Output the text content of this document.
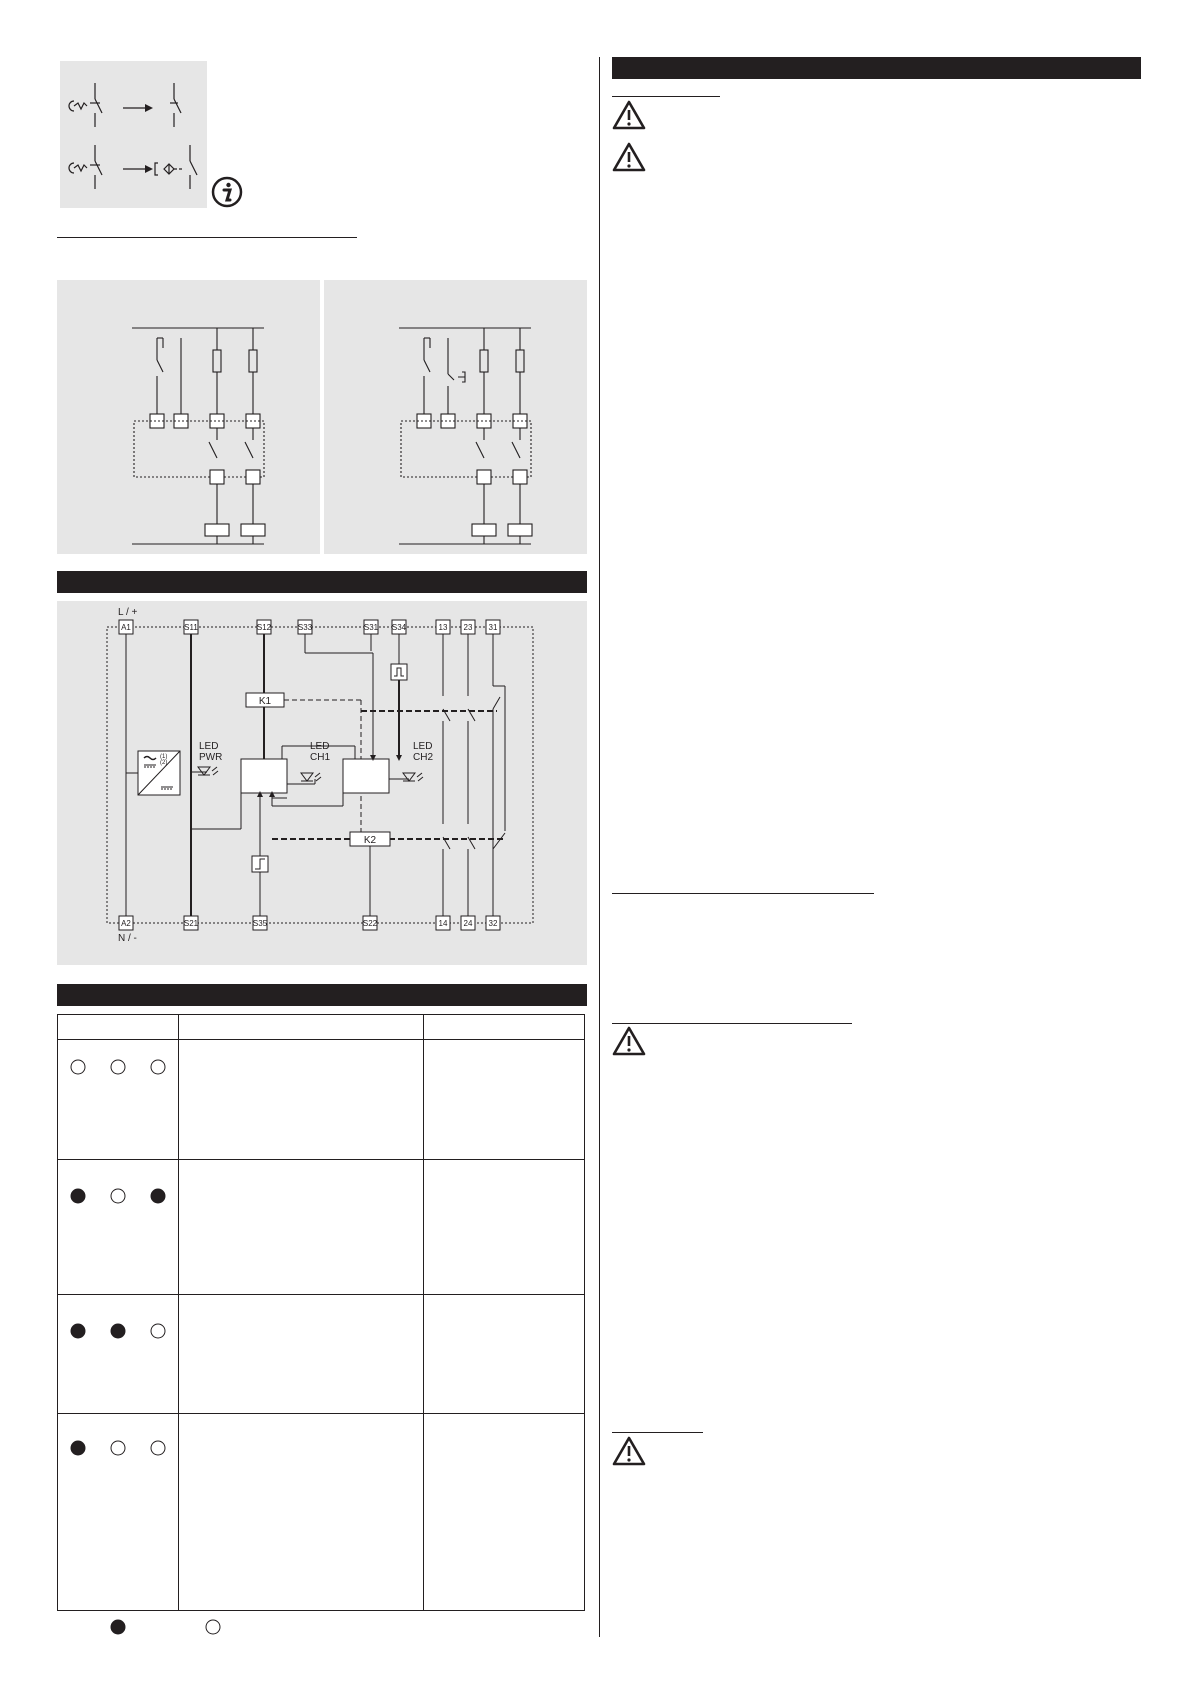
A1	S11	S12	S33	S31 S34	13 23 31
A2	S21	S35	S22	14 24 32
L / +
N / -
K1
K2
LED
PWR
LED
CH1
LED
CH2
(1)
(2)
